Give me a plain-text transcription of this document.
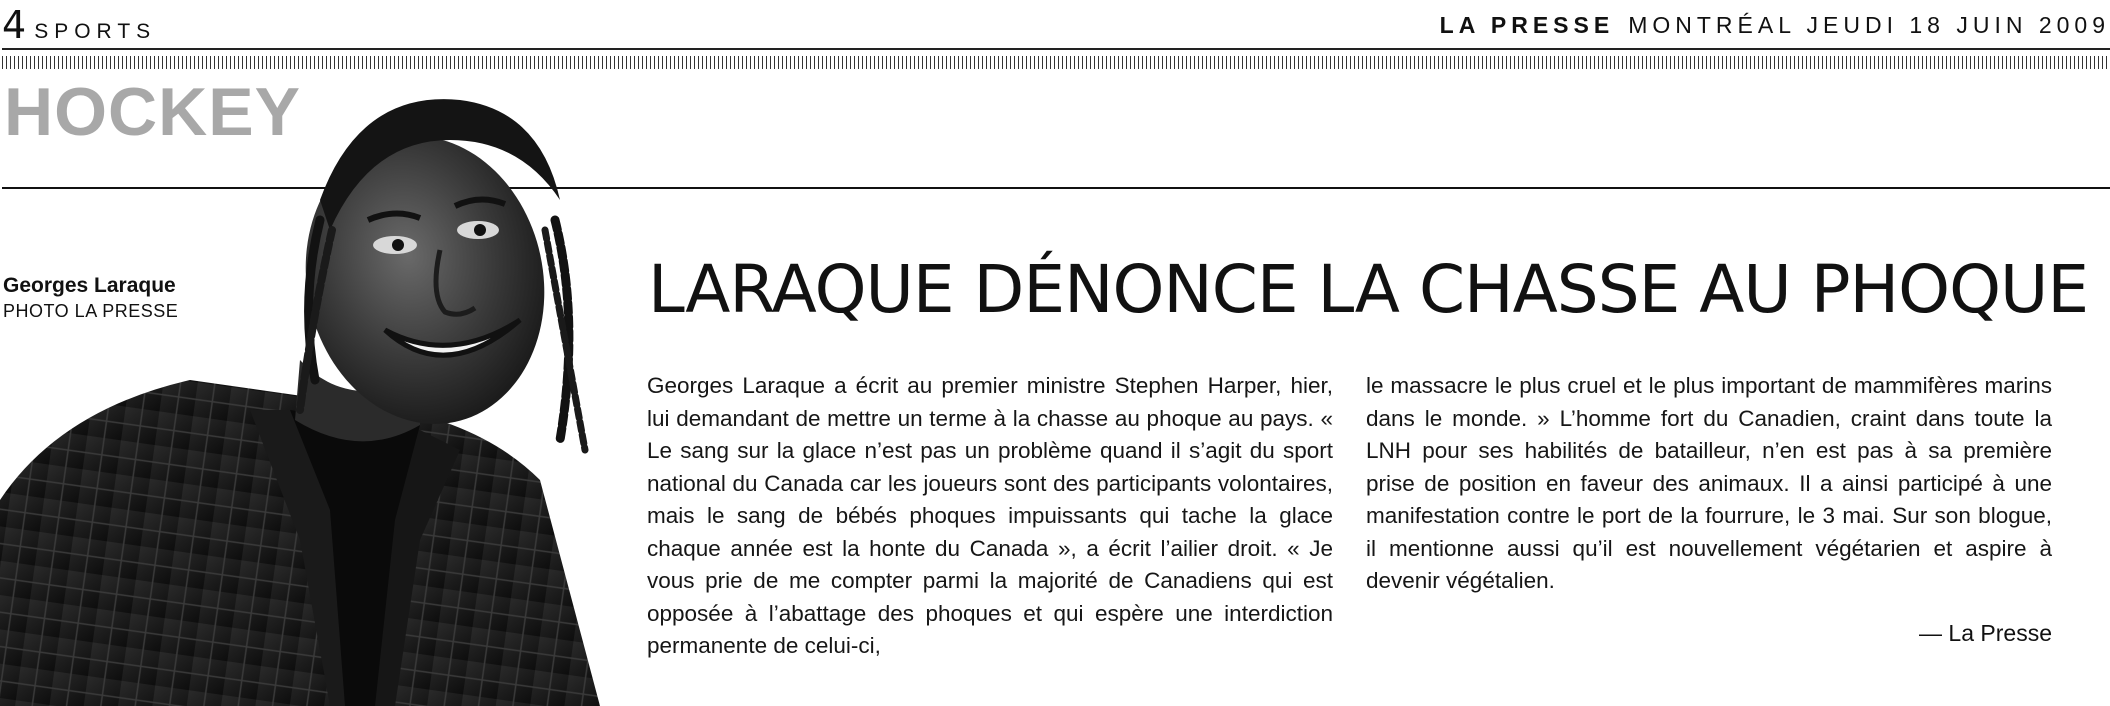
4 SPORTS	LA PRESSE MONTRÉAL JEUDI 18 JUIN 2009
HOCKEY
Georges Laraque
PHOTO LA PRESSE	LARAQUE DÉNONCE LA CHASSE AU PHOQUE
Georges Laraque a écrit au premier ministre Stephen Harper, hier, lui demandant de mettre un terme à la chasse au phoque au pays. « Le sang sur la glace n’est pas un problème quand il s’agit du sport national du Canada car les joueurs sont des participants volontaires, mais le sang de bébés phoques impuissants qui tache la glace chaque année est la honte du Canada », a écrit l’ailier droit. « Je vous prie de me compter parmi la majorité de Canadiens qui est opposée à l’abattage des phoques et qui espère une interdiction permanente de celui-ci,
le massacre le plus cruel et le plus important de mammifères marins dans le monde. » L’homme fort du Canadien, craint dans toute la LNH pour ses habilités de batailleur, n’en est pas à sa première prise de position en faveur des animaux. Il a ainsi participé à une manifestation contre le port de la fourrure, le 3 mai. Sur son blogue, il mentionne aussi qu’il est nouvellement végétarien et aspire à devenir végétalien.
— La Presse
